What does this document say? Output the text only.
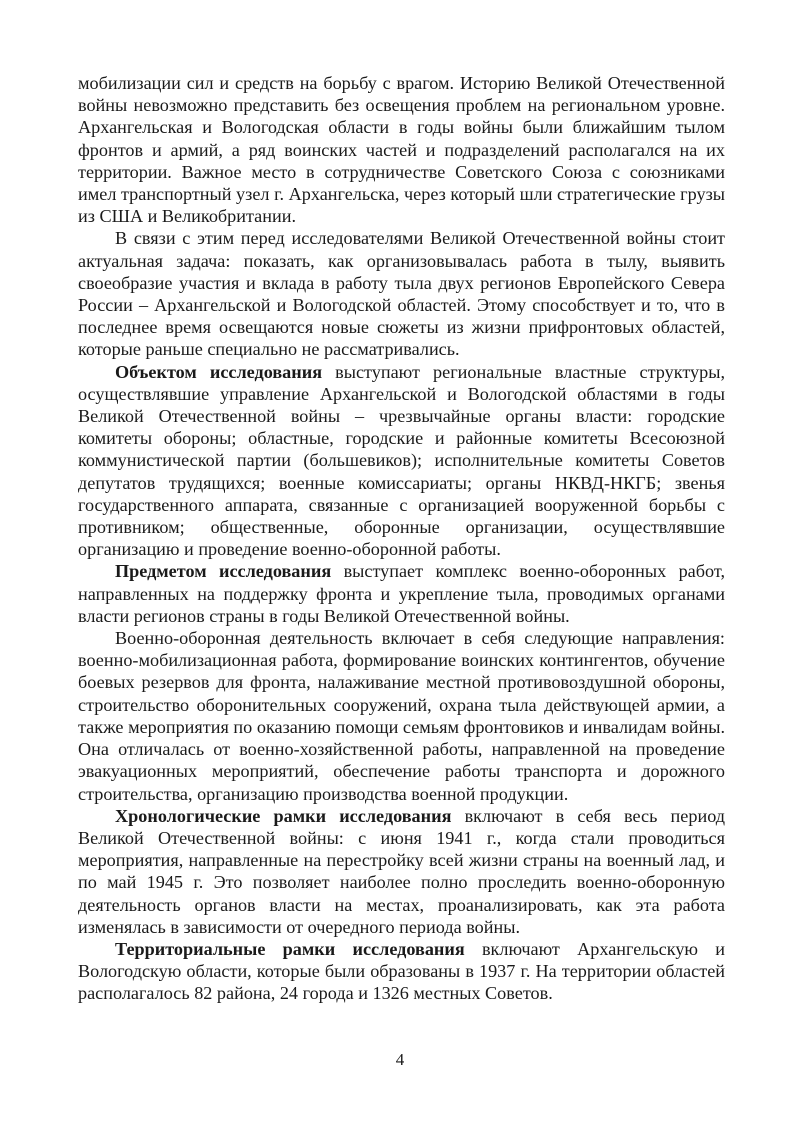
мобилизации сил и средств на борьбу с врагом. Историю Великой Отечественной войны невозможно представить без освещения проблем на региональном уровне. Архангельская и Вологодская области в годы войны были ближайшим тылом фронтов и армий, а ряд воинских частей и подразделений располагался на их территории. Важное место в сотрудничестве Советского Союза с союзниками имел транспортный узел г. Архангельска, через который шли стратегические грузы из США и Великобритании.

В связи с этим перед исследователями Великой Отечественной войны стоит актуальная задача: показать, как организовывалась работа в тылу, выявить своеобразие участия и вклада в работу тыла двух регионов Европейского Севера России – Архангельской и Вологодской областей. Этому способствует и то, что в последнее время освещаются новые сюжеты из жизни прифронтовых областей, которые раньше специально не рассматривались.

Объектом исследования выступают региональные властные структуры, осуществлявшие управление Архангельской и Вологодской областями в годы Великой Отечественной войны – чрезвычайные органы власти: городские комитеты обороны; областные, городские и районные комитеты Всесоюзной коммунистической партии (большевиков); исполнительные комитеты Советов депутатов трудящихся; военные комиссариаты; органы НКВД-НКГБ; звенья государственного аппарата, связанные с организацией вооруженной борьбы с противником; общественные, оборонные организации, осуществлявшие организацию и проведение военно-оборонной работы.

Предметом исследования выступает комплекс военно-оборонных работ, направленных на поддержку фронта и укрепление тыла, проводимых органами власти регионов страны в годы Великой Отечественной войны.

Военно-оборонная деятельность включает в себя следующие направления: военно-мобилизационная работа, формирование воинских контингентов, обучение боевых резервов для фронта, налаживание местной противовоздушной обороны, строительство оборонительных сооружений, охрана тыла действующей армии, а также мероприятия по оказанию помощи семьям фронтовиков и инвалидам войны. Она отличалась от военно-хозяйственной работы, направленной на проведение эвакуационных мероприятий, обеспечение работы транспорта и дорожного строительства, организацию производства военной продукции.

Хронологические рамки исследования включают в себя весь период Великой Отечественной войны: с июня 1941 г., когда стали проводиться мероприятия, направленные на перестройку всей жизни страны на военный лад, и по май 1945 г. Это позволяет наиболее полно проследить военно-оборонную деятельность органов власти на местах, проанализировать, как эта работа изменялась в зависимости от очередного периода войны.

Территориальные рамки исследования включают Архангельскую и Вологодскую области, которые были образованы в 1937 г. На территории областей располагалось 82 района, 24 города и 1326 местных Советов.

4
